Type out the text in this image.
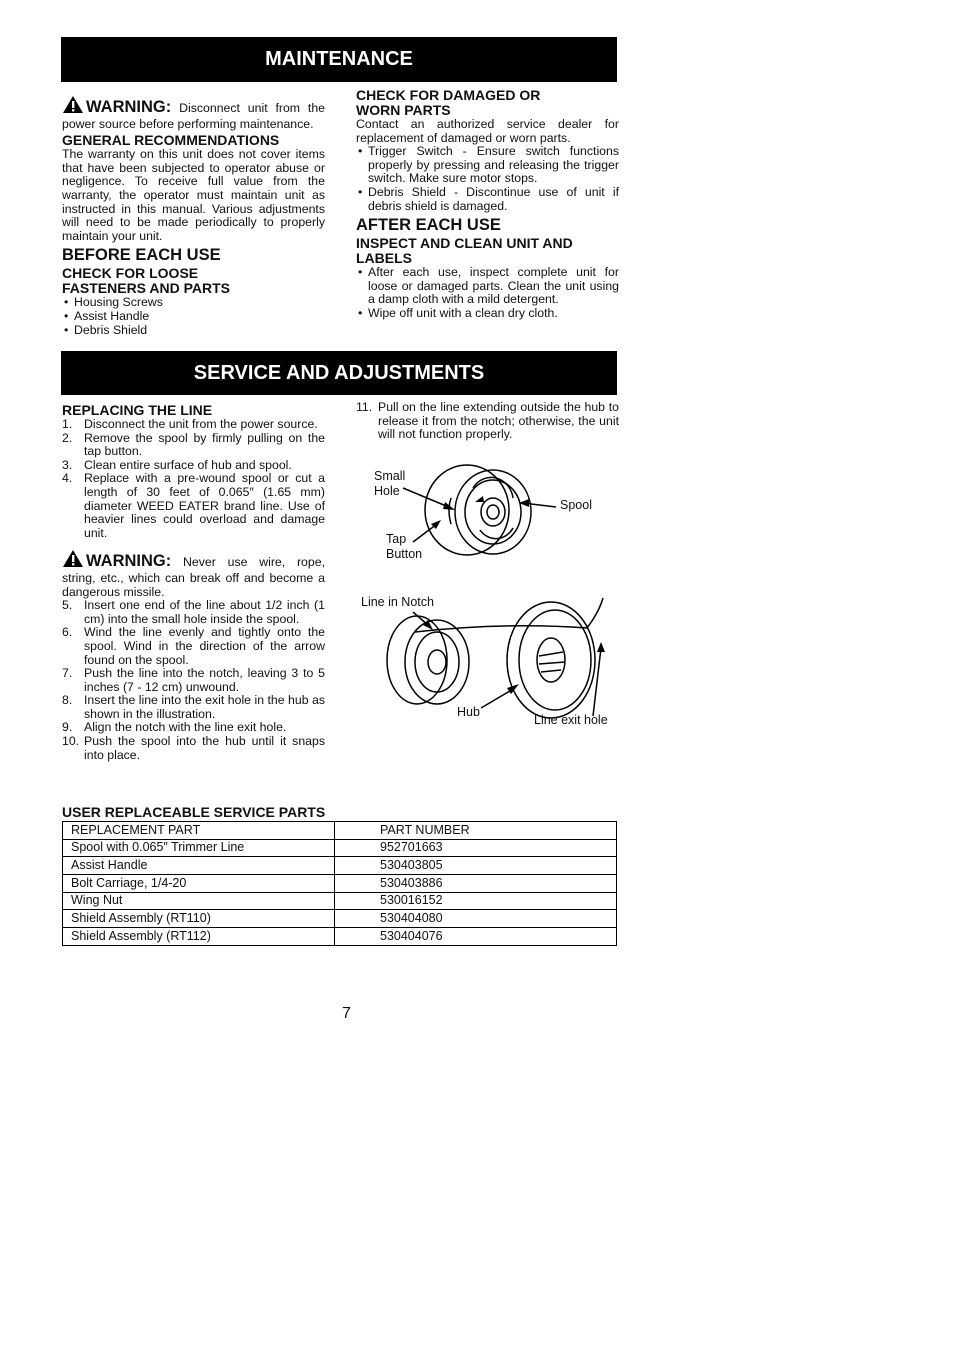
MAINTENANCE
WARNING: Disconnect unit from the power source before performing maintenance.
GENERAL RECOMMENDATIONS

The warranty on this unit does not cover items that have been subjected to operator abuse or negligence. To receive full value from the warranty, the operator must maintain unit as instructed in this manual. Various adjustments will need to be made periodically to properly maintain your unit.

BEFORE EACH USE
CHECK FOR LOOSE FASTENERS AND PARTS
• Housing Screws
• Assist Handle
• Debris Shield
CHECK FOR DAMAGED OR WORN PARTS

Contact an authorized service dealer for replacement of damaged or worn parts.

• Trigger Switch - Ensure switch functions properly by pressing and releasing the trigger switch. Make sure motor stops.
• Debris Shield - Discontinue use of unit if debris shield is damaged.
AFTER EACH USE
INSPECT AND CLEAN UNIT AND LABELS
• After each use, inspect complete unit for loose or damaged parts. Clean the unit using a damp cloth with a mild detergent.
• Wipe off unit with a clean dry cloth.
SERVICE AND ADJUSTMENTS
REPLACING THE LINE
1. Disconnect the unit from the power source.
2. Remove the spool by firmly pulling on the tap button.
3. Clean entire surface of hub and spool.
4. Replace with a pre-wound spool or cut a length of 30 feet of 0.065″ (1.65 mm) diameter WEED EATER brand line. Use of heavier lines could overload and damage unit.
WARNING: Never use wire, rope, string, etc., which can break off and become a dangerous missile.
5. Insert one end of the line about 1/2 inch (1 cm) into the small hole inside the spool.
6. Wind the line evenly and tightly onto the spool. Wind in the direction of the arrow found on the spool.
7. Push the line into the notch, leaving 3 to 5 inches (7 - 12 cm) unwound.
8. Insert the line into the exit hole in the hub as shown in the illustration.
9. Align the notch with the line exit hole.
10. Push the spool into the hub until it snaps into place.
11. Pull on the line extending outside the hub to release it from the notch; otherwise, the unit will not function properly.
Small
Hole
Spool
Tap
Button
Line in Notch
Hub
Line exit hole
USER REPLACEABLE SERVICE PARTS
REPLACEMENT PART	PART NUMBER
Spool with 0.065″ Trimmer Line	952701663
Assist Handle	530403805
Bolt Carriage, 1/4-20	530403886
Wing Nut	530016152
Shield Assembly (RT110)	530404080
Shield Assembly (RT112)	530404076
7
